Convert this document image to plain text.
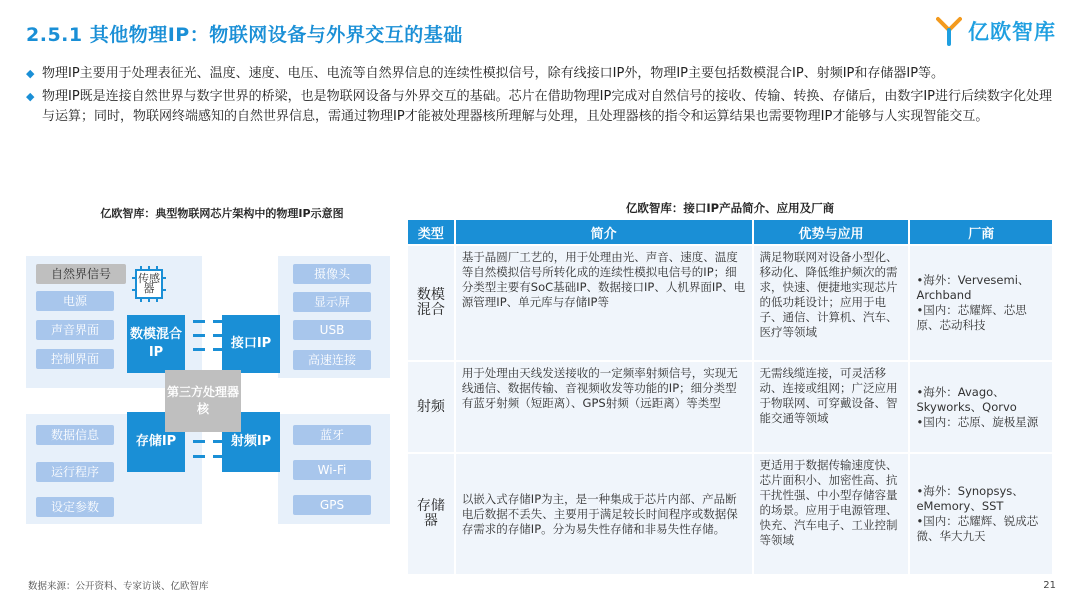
2.5.1 其他物理IP：物联网设备与外界交互的基础	亿欧智库
◆ 物理IP主要用于处理表征光、温度、速度、电压、电流等自然界信息的连续性模拟信号，除有线接口IP外，物理IP主要包括数模混合IP、射频IP和存储器IP等。
◆ 物理IP既是连接自然世界与数字世界的桥梁，也是物联网设备与外界交互的基础。芯片在借助物理IP完成对自然信号的接收、传输、转换、存储后，由数字IP进行后续数字化处理与运算；同时，物联网终端感知的自然世界信息，需通过物理IP才能被处理器核所理解与处理，且处理器核的指令和运算结果也需要物理IP才能够与人实现智能交互。
亿欧智库：典型物联网芯片架构中的物理IP示意图
自然界信号
电源
声音界面
控制界面
传感器
数据信息
运行程序
设定参数
摄像头
显示屏
USB
高速连接
蓝牙
Wi-Fi
GPS
数模混合IP
接口IP
存储IP	射频IP
第三方处理器核
亿欧智库：接口IP产品简介、应用及厂商
类型	简介	优势与应用	厂商
数模混合	基于晶圆厂工艺的，用于处理由光、声音、速度、温度等自然模拟信号所转化成的连续性模拟电信号的IP；细分类型主要有SoC基础IP、数据接口IP、人机界面IP、电源管理IP、单元库与存储IP等	满足物联网对设备小型化、移动化、降低维护频次的需求，快速、便捷地实现芯片的低功耗设计；应用于电子、通信、计算机、汽车、医疗等领域	•海外：Vervesemi、Archband
•国内：芯耀辉、芯思原、芯动科技
射频	用于处理由天线发送接收的一定频率射频信号，实现无线通信、数据传输、音视频收发等功能的IP；细分类型有蓝牙射频（短距离）、GPS射频（远距离）等类型	无需线缆连接，可灵活移动、连接或组网；广泛应用于物联网、可穿戴设备、智能交通等领域	•海外：Avago、Skyworks、Qorvo
•国内：芯原、旋极星源
存储器	以嵌入式存储IP为主，是一种集成于芯片内部、产品断电后数据不丢失、主要用于满足较长时间程序或数据保存需求的存储IP。分为易失性存储和非易失性存储。	更适用于数据传输速度快、芯片面积小、加密性高、抗干扰性强、中小型存储容量的场景。应用于电源管理、快充、汽车电子、工业控制等领域	•海外：Synopsys、eMemory、SST
•国内：芯耀辉、锐成芯微、华大九天
数据来源：公开资料、专家访谈、亿欧智库	21
